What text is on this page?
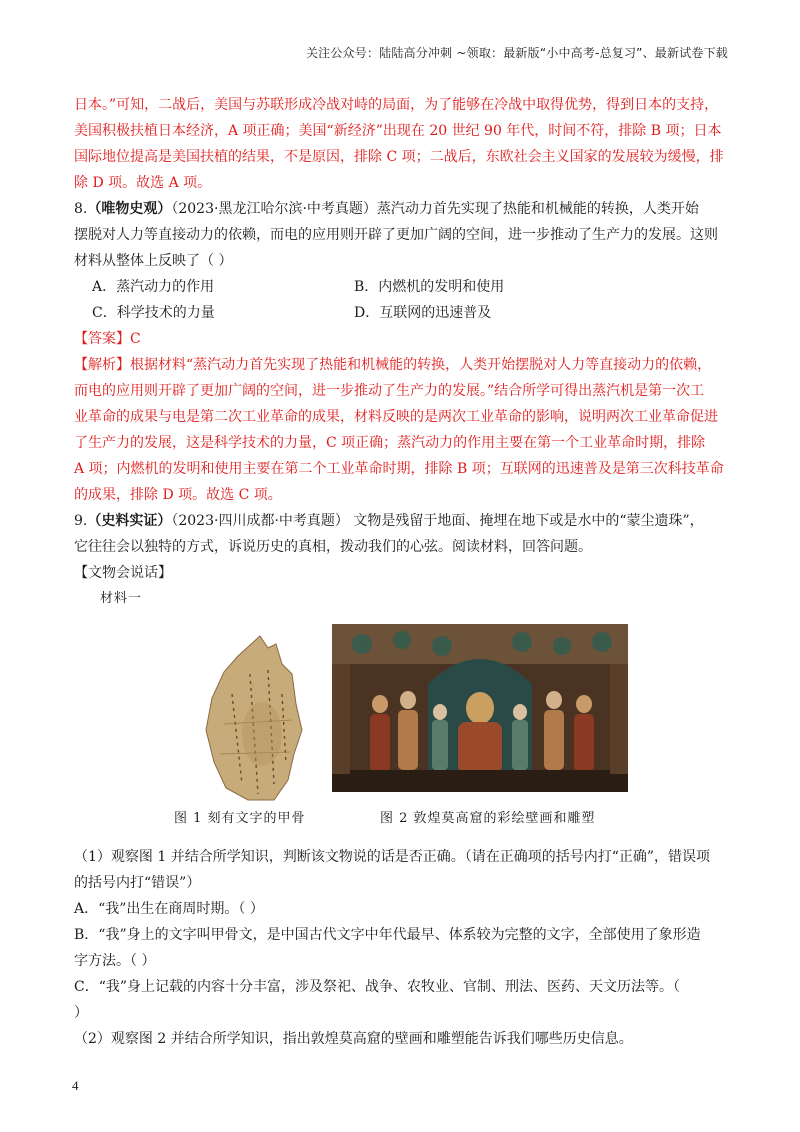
关注公众号：陆陆高分冲刺 ~领取：最新版“小中高考-总复习”、最新试卷下载

日本。”可知，二战后，美国与苏联形成冷战对峙的局面，为了能够在冷战中取得优势，得到日本的支持，

美国积极扶植日本经济，A 项正确；美国“新经济”出现在 20 世纪 90 年代，时间不符，排除 B 项；日本

国际地位提高是美国扶植的结果，不是原因，排除 C 项；二战后，东欧社会主义国家的发展较为缓慢，排

除 D 项。故选 A 项。

8.（唯物史观）（2023·黑龙江哈尔滨·中考真题）蒸汽动力首先实现了热能和机械能的转换，人类开始

摆脱对人力等直接动力的依赖，而电的应用则开辟了更加广阔的空间，进一步推动了生产力的发展。这则

材料从整体上反映了（ ）

A．蒸汽动力的作用	B．内燃机的发明和使用
C．科学技术的力量	D．互联网的迅速普及

【答案】C

【解析】根据材料“蒸汽动力首先实现了热能和机械能的转换，人类开始摆脱对人力等直接动力的依赖，

而电的应用则开辟了更加广阔的空间，进一步推动了生产力的发展。”结合所学可得出蒸汽机是第一次工

业革命的成果与电是第二次工业革命的成果，材料反映的是两次工业革命的影响，说明两次工业革命促进

了生产力的发展，这是科学技术的力量，C 项正确；蒸汽动力的作用主要在第一个工业革命时期，排除

A 项；内燃机的发明和使用主要在第二个工业革命时期，排除 B 项；互联网的迅速普及是第三次科技革命

的成果，排除 D 项。故选 C 项。

9.（史料实证）（2023·四川成都·中考真题） 文物是残留于地面、掩埋在地下或是水中的“蒙尘遗珠”，

它往往会以独特的方式，诉说历史的真相，拨动我们的心弦。阅读材料，回答问题。

【文物会说话】

材料一

图 1 刻有文字的甲骨	图 2 敦煌莫高窟的彩绘壁画和雕塑

（1）观察图 1 并结合所学知识，判断该文物说的话是否正确。（请在正确项的括号内打“正确”，错误项

的括号内打“错误”）

A．“我”出生在商周时期。（ ）

B．“我”身上的文字叫甲骨文，是中国古代文字中年代最早、体系较为完整的文字，全部使用了象形造

字方法。（ ）

C．“我”身上记载的内容十分丰富，涉及祭祀、战争、农牧业、官制、刑法、医药、天文历法等。（

）

（2）观察图 2 并结合所学知识，指出敦煌莫高窟的壁画和雕塑能告诉我们哪些历史信息。

4
